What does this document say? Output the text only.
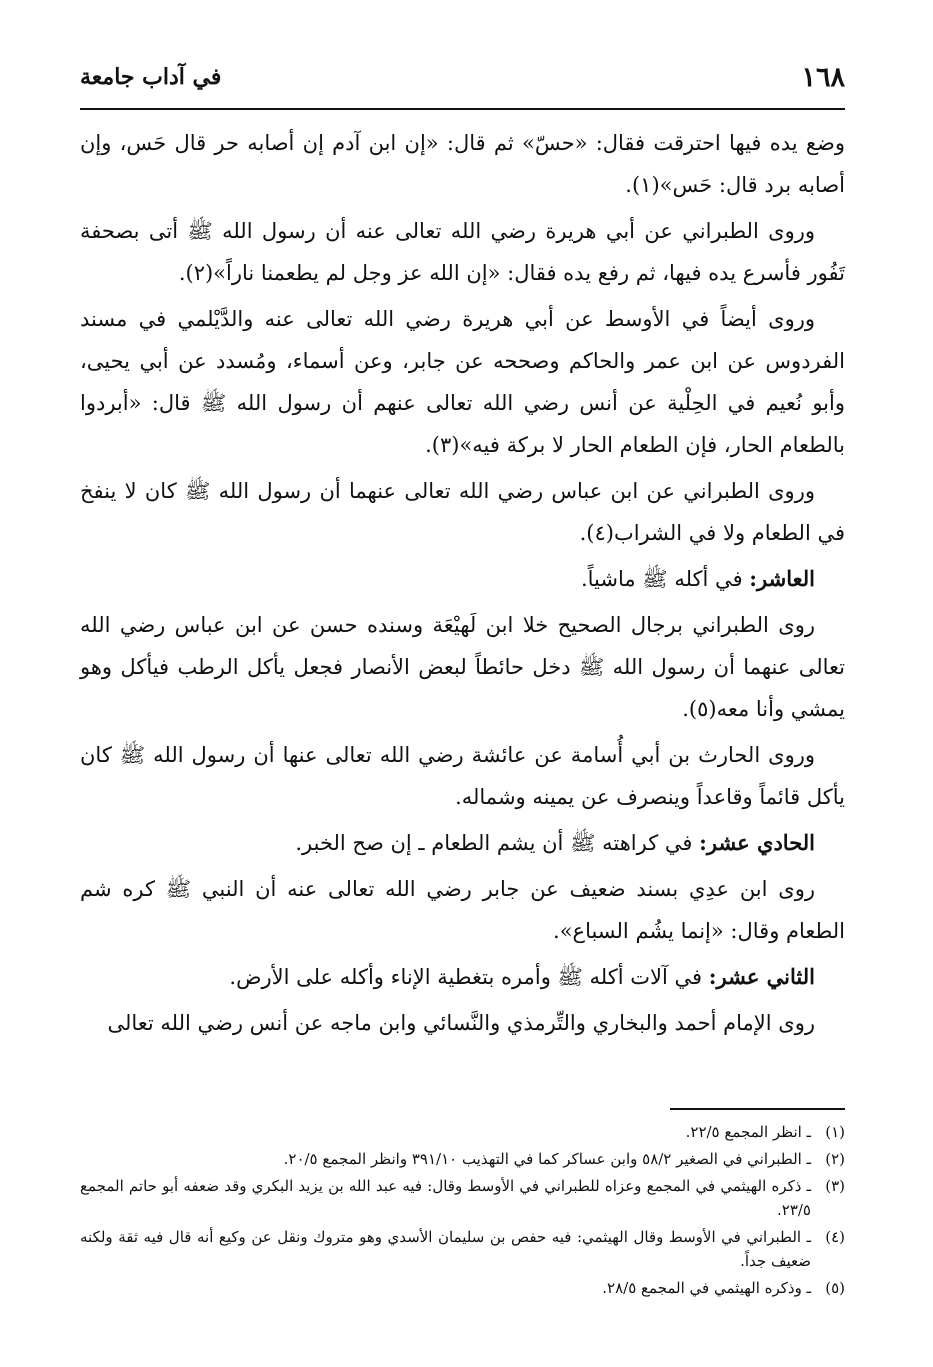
١٦٨
في آداب جامعة

وضع يده فيها احترقت فقال: «حسّ» ثم قال: «إن ابن آدم إن أصابه حر قال حَس، وإن أصابه برد قال: حَس»(١).

وروى الطبراني عن أبي هريرة رضي الله تعالى عنه أن رسول الله ﷺ أتى بصحفة تَفُور فأسرع يده فيها، ثم رفع يده فقال: «إن الله عز وجل لم يطعمنا ناراً»(٢).

وروى أيضاً في الأوسط عن أبي هريرة رضي الله تعالى عنه والدَّيْلمي في مسند الفردوس عن ابن عمر والحاكم وصححه عن جابر، وعن أسماء، ومُسدد عن أبي يحيى، وأبو نُعيم في الحِلْية عن أنس رضي الله تعالى عنهم أن رسول الله ﷺ قال: «أبردوا بالطعام الحار، فإن الطعام الحار لا بركة فيه»(٣).

وروى الطبراني عن ابن عباس رضي الله تعالى عنهما أن رسول الله ﷺ كان لا ينفخ في الطعام ولا في الشراب(٤).

العاشر: في أكله ﷺ ماشياً.

روى الطبراني برجال الصحيح خلا ابن لَهيْعَة وسنده حسن عن ابن عباس رضي الله تعالى عنهما أن رسول الله ﷺ دخل حائطاً لبعض الأنصار فجعل يأكل الرطب فيأكل وهو يمشي وأنا معه(٥).

وروى الحارث بن أبي أُسامة عن عائشة رضي الله تعالى عنها أن رسول الله ﷺ كان يأكل قائماً وقاعداً وينصرف عن يمينه وشماله.

الحادي عشر: في كراهته ﷺ أن يشم الطعام ـ إن صح الخبر.

روى ابن عدِي بسند ضعيف عن جابر رضي الله تعالى عنه أن النبي ﷺ كره شم الطعام وقال: «إنما يشُم السباع».

الثاني عشر: في آلات أكله ﷺ وأمره بتغطية الإناء وأكله على الأرض.

روى الإمام أحمد والبخاري والتِّرمذي والنَّسائي وابن ماجه عن أنس رضي الله تعالى

(١)ـ انظر المجمع ٢٢/٥.

(٢)ـ الطبراني في الصغير ٥٨/٢ وابن عساكر كما في التهذيب ٣٩١/١٠ وانظر المجمع ٢٠/٥.

(٣)ـ ذكره الهيثمي في المجمع وعزاه للطبراني في الأوسط وقال: فيه عبد الله بن يزيد البكري وقد ضعفه أبو حاتم المجمع ٢٣/٥.

(٤)ـ الطبراني في الأوسط وقال الهيثمي: فيه حفص بن سليمان الأسدي وهو متروك ونقل عن وكيع أنه قال فيه ثقة ولكنه ضعيف جداً.

(٥)ـ وذكره الهيثمي في المجمع ٢٨/٥.
